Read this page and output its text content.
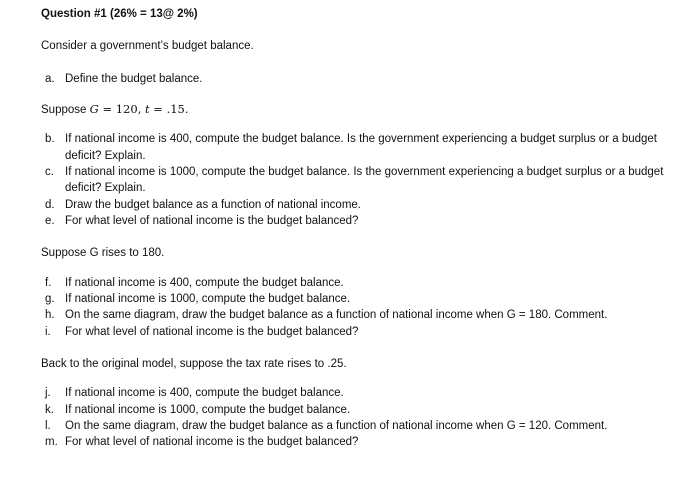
Question #1 (26% = 13@ 2%)
Consider a government’s budget balance.
a. Define the budget balance.
Suppose G = 120, t = .15.
b. If national income is 400, compute the budget balance. Is the government experiencing a budget surplus or a budget deficit? Explain.
c. If national income is 1000, compute the budget balance. Is the government experiencing a budget surplus or a budget deficit? Explain.
d. Draw the budget balance as a function of national income.
e. For what level of national income is the budget balanced?
Suppose G rises to 180.
f.	If national income is 400, compute the budget balance.
g. If national income is 1000, compute the budget balance.
h. On the same diagram, draw the budget balance as a function of national income when G = 180. Comment.
i.	For what level of national income is the budget balanced?
Back to the original model, suppose the tax rate rises to .25.
j.	If national income is 400, compute the budget balance.
k. If national income is 1000, compute the budget balance.
l.	On the same diagram, draw the budget balance as a function of national income when G = 120. Comment.
m. For what level of national income is the budget balanced?
